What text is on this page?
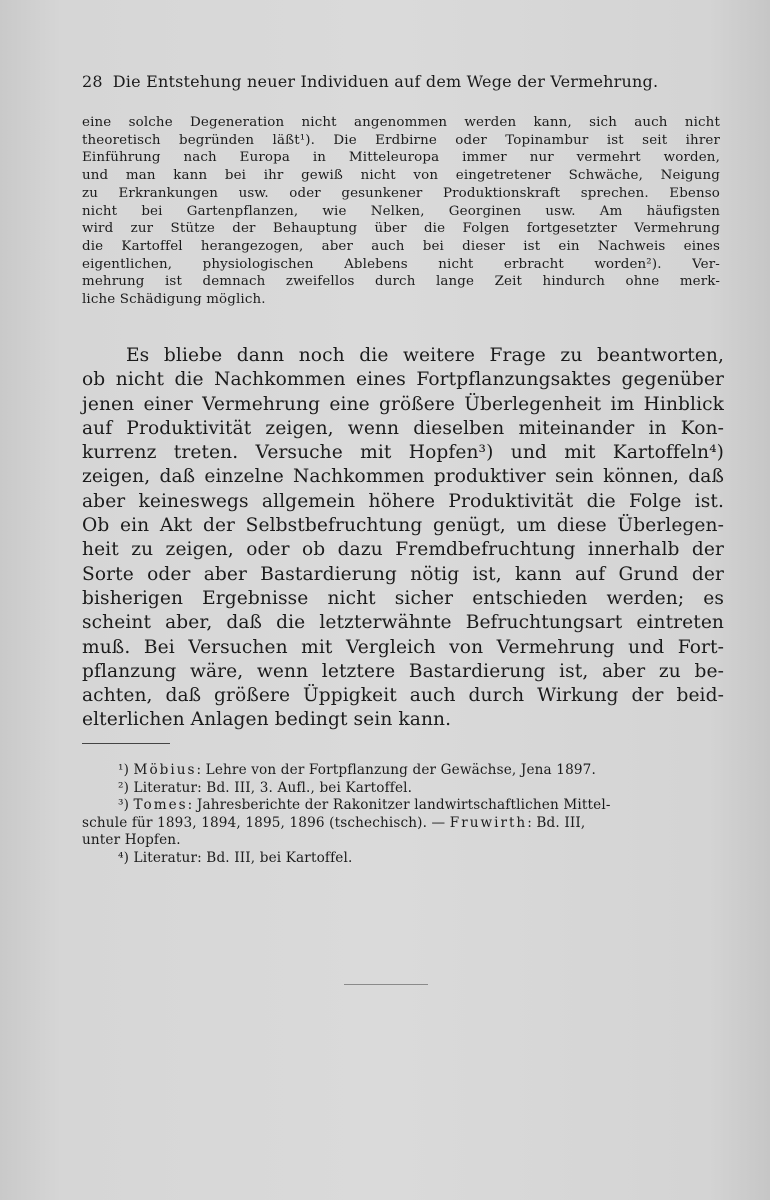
28 Die Entstehung neuer Individuen auf dem Wege der Vermehrung.
eine solche Degeneration nicht angenommen werden kann, sich auch nicht
theoretisch begründen läßt¹). Die Erdbirne oder Topinambur ist seit ihrer
Einführung nach Europa in Mitteleuropa immer nur vermehrt worden,
und man kann bei ihr gewiß nicht von eingetretener Schwäche, Neigung
zu Erkrankungen usw. oder gesunkener Produktionskraft sprechen. Ebenso
nicht bei Gartenpflanzen, wie Nelken, Georginen usw. Am häufigsten
wird zur Stütze der Behauptung über die Folgen fortgesetzter Vermehrung
die Kartoffel herangezogen, aber auch bei dieser ist ein Nachweis eines
eigentlichen, physiologischen Ablebens nicht erbracht worden²). Ver-
mehrung ist demnach zweifellos durch lange Zeit hindurch ohne merk-
liche Schädigung möglich.
Es bliebe dann noch die weitere Frage zu beantworten,
ob nicht die Nachkommen eines Fortpflanzungsaktes gegenüber
jenen einer Vermehrung eine größere Überlegenheit im Hinblick
auf Produktivität zeigen, wenn dieselben miteinander in Kon-
kurrenz treten. Versuche mit Hopfen³) und mit Kartoffeln⁴)
zeigen, daß einzelne Nachkommen produktiver sein können, daß
aber keineswegs allgemein höhere Produktivität die Folge ist.
Ob ein Akt der Selbstbefruchtung genügt, um diese Überlegen-
heit zu zeigen, oder ob dazu Fremdbefruchtung innerhalb der
Sorte oder aber Bastardierung nötig ist, kann auf Grund der
bisherigen Ergebnisse nicht sicher entschieden werden; es
scheint aber, daß die letzterwähnte Befruchtungsart eintreten
muß. Bei Versuchen mit Vergleich von Vermehrung und Fort-
pflanzung wäre, wenn letztere Bastardierung ist, aber zu be-
achten, daß größere Üppigkeit auch durch Wirkung der beid-
elterlichen Anlagen bedingt sein kann.
¹) Möbius: Lehre von der Fortpflanzung der Gewächse, Jena 1897.
²) Literatur: Bd. III, 3. Aufl., bei Kartoffel.
³) Tomes: Jahresberichte der Rakonitzer landwirtschaftlichen Mittel-
schule für 1893, 1894, 1895, 1896 (tschechisch). — Fruwirth: Bd. III,
unter Hopfen.
⁴) Literatur: Bd. III, bei Kartoffel.
